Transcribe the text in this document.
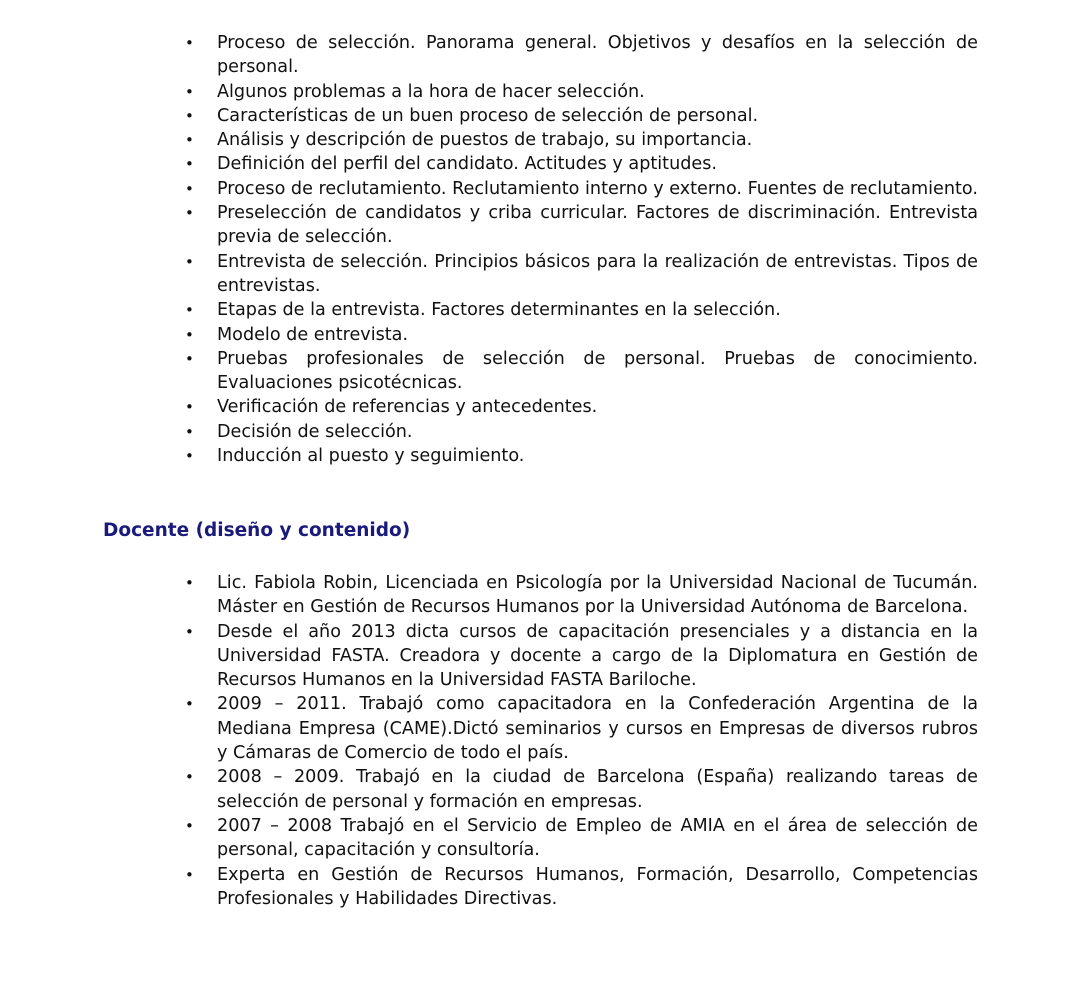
• Proceso de selección. Panorama general. Objetivos y desafíos en la selección de personal.
• Algunos problemas a la hora de hacer selección.
• Características de un buen proceso de selección de personal.
• Análisis y descripción de puestos de trabajo, su importancia.
• Definición del perfil del candidato. Actitudes y aptitudes.
• Proceso de reclutamiento. Reclutamiento interno y externo. Fuentes de reclutamiento.
• Preselección de candidatos y criba curricular. Factores de discriminación. Entrevista previa de selección.
• Entrevista de selección. Principios básicos para la realización de entrevistas. Tipos de entrevistas.
• Etapas de la entrevista. Factores determinantes en la selección.
• Modelo de entrevista.
• Pruebas profesionales de selección de personal. Pruebas de conocimiento. Evaluaciones psicotécnicas.
• Verificación de referencias y antecedentes.
• Decisión de selección.
• Inducción al puesto y seguimiento.
Docente (diseño y contenido)
• Lic. Fabiola Robin, Licenciada en Psicología por la Universidad Nacional de Tucumán. Máster en Gestión de Recursos Humanos por la Universidad Autónoma de Barcelona.
• Desde el año 2013 dicta cursos de capacitación presenciales y a distancia en la Universidad FASTA. Creadora y docente a cargo de la Diplomatura en Gestión de Recursos Humanos en la Universidad FASTA Bariloche.
• 2009 – 2011. Trabajó como capacitadora en la Confederación Argentina de la Mediana Empresa (CAME).Dictó seminarios y cursos en Empresas de diversos rubros y Cámaras de Comercio de todo el país.
• 2008 – 2009. Trabajó en la ciudad de Barcelona (España) realizando tareas de selección de personal y formación en empresas.
• 2007 – 2008 Trabajó en el Servicio de Empleo de AMIA en el área de selección de personal, capacitación y consultoría.
• Experta en Gestión de Recursos Humanos, Formación, Desarrollo, Competencias Profesionales y Habilidades Directivas.
